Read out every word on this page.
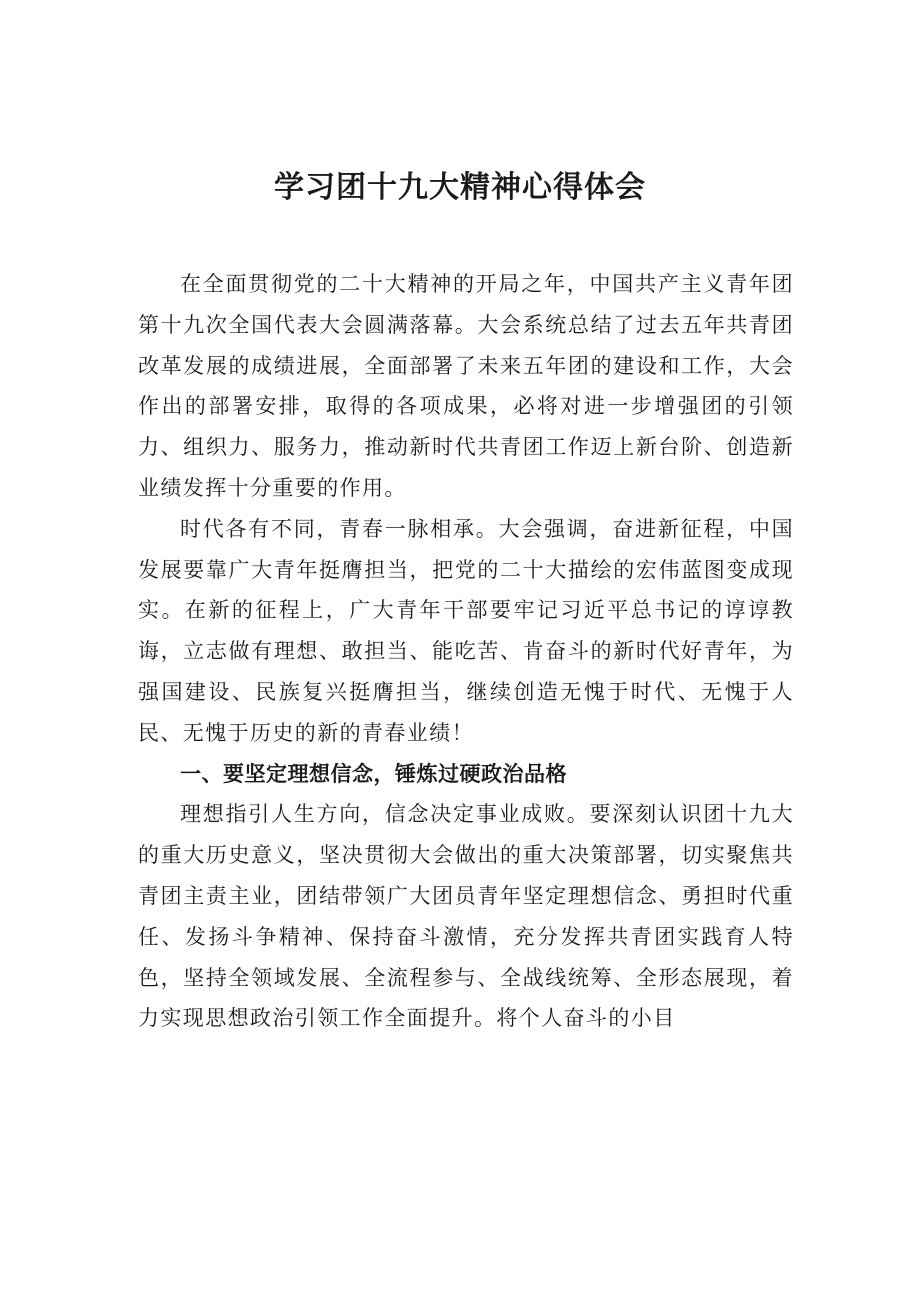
学习团十九大精神心得体会

在全面贯彻党的二十大精神的开局之年，中国共产主义青年团第十九次全国代表大会圆满落幕。大会系统总结了过去五年共青团改革发展的成绩进展，全面部署了未来五年团的建设和工作，大会作出的部署安排，取得的各项成果，必将对进一步增强团的引领力、组织力、服务力，推动新时代共青团工作迈上新台阶、创造新业绩发挥十分重要的作用。

时代各有不同，青春一脉相承。大会强调，奋进新征程，中国发展要靠广大青年挺膺担当，把党的二十大描绘的宏伟蓝图变成现实。在新的征程上，广大青年干部要牢记习近平总书记的谆谆教诲，立志做有理想、敢担当、能吃苦、肯奋斗的新时代好青年，为强国建设、民族复兴挺膺担当，继续创造无愧于时代、无愧于人民、无愧于历史的新的青春业绩！

一、要坚定理想信念，锤炼过硬政治品格

理想指引人生方向，信念决定事业成败。要深刻认识团十九大的重大历史意义，坚决贯彻大会做出的重大决策部署，切实聚焦共青团主责主业，团结带领广大团员青年坚定理想信念、勇担时代重任、发扬斗争精神、保持奋斗激情，充分发挥共青团实践育人特色，坚持全领域发展、全流程参与、全战线统筹、全形态展现，着力实现思想政治引领工作全面提升。将个人奋斗的小目
